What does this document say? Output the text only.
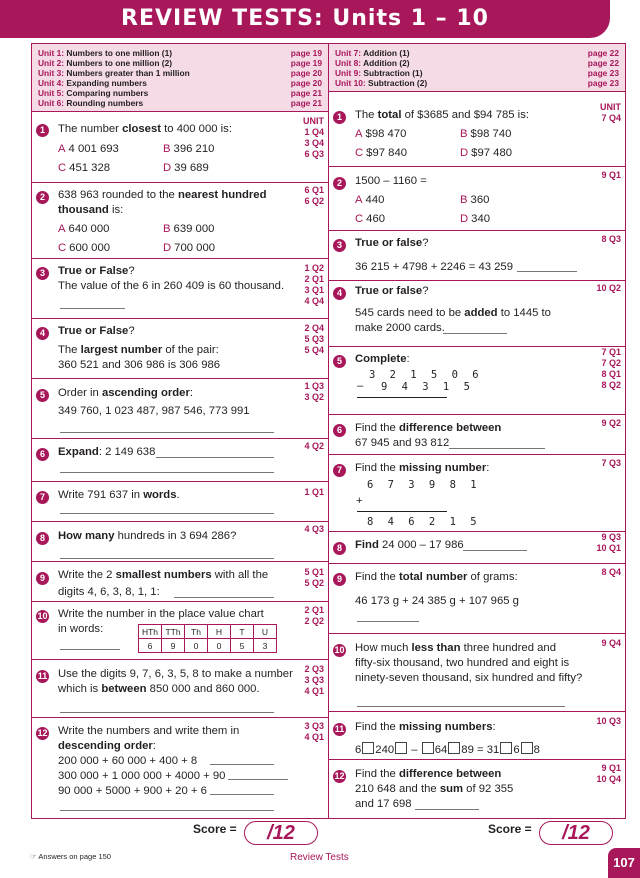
REVIEW TESTS: Units 1 – 10
Unit 1: Numbers to one million (1)	page 19
Unit 2: Numbers to one million (2)	page 19
Unit 3: Numbers greater than 1 million	page 20
Unit 4: Expanding numbers	page 20
Unit 5: Comparing numbers	page 21
Unit 6: Rounding numbers	page 21
UNIT
1 Q4
3 Q4
6 Q3
1	The number closest to 400 000 is:
A 4 001 693	B 396 210
C 451 328	D 39 689
6 Q1
6 Q2
2	638 963 rounded to the nearest hundred
thousand is:
A 640 000	B 639 000
C 600 000	D 700 000
1 Q2
2 Q1
3 Q1
4 Q4
3	True or False?
The value of the 6 in 260 409 is 60 thousand.
2 Q4
5 Q3
5 Q4
4	True or False?
The largest number of the pair:
360 521 and 306 986 is 306 986
1 Q3
3 Q2
5	Order in ascending order:
349 760, 1 023 487, 987 546, 773 991
4 Q2
6	Expand: 2 149 638
1 Q1
7	Write 791 637 in words.
4 Q3
8	How many hundreds in 3 694 286?
5 Q1
5 Q2
9	Write the 2 smallest numbers with all the
digits 4, 6, 3, 8, 1, 1:
2 Q1
2 Q2
10 Write the number in the place value chart
in words:	HTh	TTh	Th	H	T	U
6	9	0	0	5	3
2 Q3
3 Q3
4 Q1
11 Use the digits 9, 7, 6, 3, 5, 8 to make a number
which is between 850 000 and 860 000.
3 Q3
4 Q1
12 Write the numbers and write them in
descending order:
200 000 + 60 000 + 400 + 8
300 000 + 1 000 000 + 4000 + 90
90 000 + 5000 + 900 + 20 + 6
Unit 7: Addition (1)	page 22
Unit 8: Addition (2)	page 22
Unit 9: Subtraction (1)	page 23
Unit 10: Subtraction (2)	page 23
UNIT
7 Q4
1	The total of $3685 and $94 785 is:
A $98 470	B $98 740
C $97 840	D $97 480
9 Q1
2	1500 – 1160 =
A 440	B 360
C 460	D 340
8 Q3
3	True or false?
36 215 + 4798 + 2246 = 43 259
10 Q2
4	True or false?
545 cards need to be added to 1445 to
make 2000 cards.
7 Q1
7 Q2
8 Q1
8 Q2
5	Complete:
3 2 1 5 0 6
– 9 4 3 1 5
9 Q2
6	Find the difference between
67 945 and 93 812
7 Q3
7	Find the missing number:
6 7 3 9 8 1
+
8 4 6 2 1 5
9 Q3
10 Q1
8	Find 24 000 – 17 986
8 Q4
9	Find the total number of grams:
46 173 g + 24 385 g + 107 965 g
9 Q4
10 How much less than three hundred and
fifty-six thousand, two hundred and eight is
ninety-seven thousand, six hundred and fifty?
10 Q3
11 Find the missing numbers:
6 240 – 64 89 = 31 6 8
9 Q1
10 Q4
12 Find the difference between
210 648 and the sum of 92 355
and 17 698
Score =	/12	Score =	/12
☞ Answers on page 150	Review Tests	107
